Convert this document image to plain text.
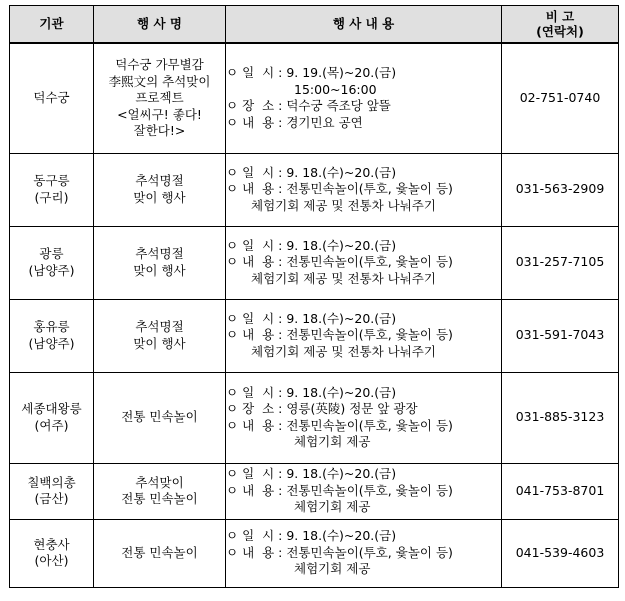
기관	행 사 명	행 사 내 용	비 고
(연락처)

덕수궁	덕수궁 가무별감
李熙文의 추석맞이
프로젝트
<얼씨구! 좋다!
잘한다!>	ㅇ 일  시 : 9. 19.(목)~20.(금)
15:00~16:00
ㅇ 장  소 : 덕수궁 즉조당 앞뜰
ㅇ 내  용 : 경기민요 공연	02-751-0740

동구릉
(구리)	추석명절
맞이 행사	ㅇ 일  시 : 9. 18.(수)~20.(금)
ㅇ 내  용 : 전통민속놀이(투호, 윷놀이 등)
체험기회 제공 및 전통차 나눠주기	031-563-2909

광릉
(남양주)	추석명절
맞이 행사	ㅇ 일  시 : 9. 18.(수)~20.(금)
ㅇ 내  용 : 전통민속놀이(투호, 윷놀이 등)
체험기회 제공 및 전통차 나눠주기	031-257-7105

홍유릉
(남양주)	추석명절
맞이 행사	ㅇ 일  시 : 9. 18.(수)~20.(금)
ㅇ 내  용 : 전통민속놀이(투호, 윷놀이 등)
체험기회 제공 및 전통차 나눠주기	031-591-7043

세종대왕릉
(여주)	전통 민속놀이	ㅇ 일  시 : 9. 18.(수)~20.(금)
ㅇ 장  소 : 영릉(英陵) 정문 앞 광장
ㅇ 내  용 : 전통민속놀이(투호, 윷놀이 등)
체험기회 제공	031-885-3123

칠백의총
(금산)	추석맞이
전통 민속놀이	ㅇ 일  시 : 9. 18.(수)~20.(금)
ㅇ 내  용 : 전통민속놀이(투호, 윷놀이 등)
체험기회 제공	041-753-8701

현충사
(아산)	전통 민속놀이	ㅇ 일  시 : 9. 18.(수)~20.(금)
ㅇ 내  용 : 전통민속놀이(투호, 윷놀이 등)
체험기회 제공	041-539-4603
